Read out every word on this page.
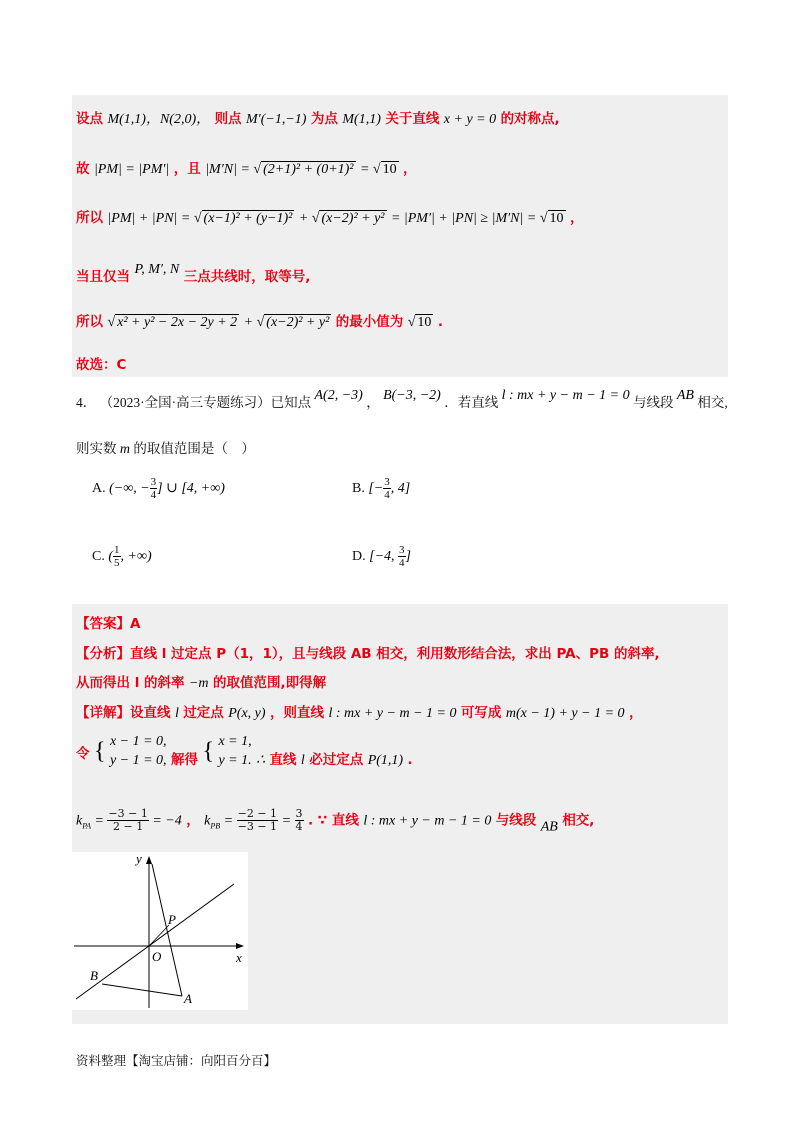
设点 M(1,1)，N(2,0)， 则点 M′(−1,−1) 为点 M(1,1) 关于直线 x + y = 0 的对称点,
故 |PM| = |PM′| ，且 |M′N| = √ (2+1)² + (0+1)² = √ 10 ，
所以 |PM| + |PN| = √ (x−1)² + (y−1)² + √ (x−2)² + y² = |PM′| + |PN| ≥ |M′N| = √ 10 ，
当且仅当 P, M′, N 三点共线时，取等号,
所以 √ x² + y² − 2x − 2y + 2 + √ (x−2)² + y² 的最小值为 √ 10 .
故选：C
4． （2023·全国·高三专题练习）已知点 A(2, −3) ， B(−3, −2) ．若直线 l : mx + y − m − 1 = 0 与线段 AB 相交,
则实数 m 的取值范围是（　）
A. (−∞, − $\frac{3}{4}$ ] ∪ [4, +∞)	B. [− $\frac{3}{4}$ , 4]
C. ( $\frac{1}{5}$ , +∞)	D. [−4, $\frac{3}{4}$ ]
【答案】A
【分析】直线 l 过定点 P（1，1），且与线段 AB 相交，利用数形结合法，求出 PA、PB 的斜率,
从而得出 l 的斜率 −m 的取值范围,即得解
【详解】设直线 l 过定点 P(x, y) ，则直线 l : mx + y − m − 1 = 0 可写成 m(x − 1) + y − 1 = 0 ，
令 { x − 1 = 0,
y − 1 = 0, 解得 { x = 1,
y = 1. ∴ 直线 l 必过定点 P(1,1) .
$k_{PA} = \frac{-3 - 1}{2 - 1} = -4$ ， $k_{PB} = \frac{-2 - 1}{-3 - 1} = \frac{3}{4}$ . ∵ 直线 l : mx + y − m − 1 = 0 与线段 AB 相交,
y
x
O
P
A
B
资料整理【淘宝店铺：向阳百分百】
